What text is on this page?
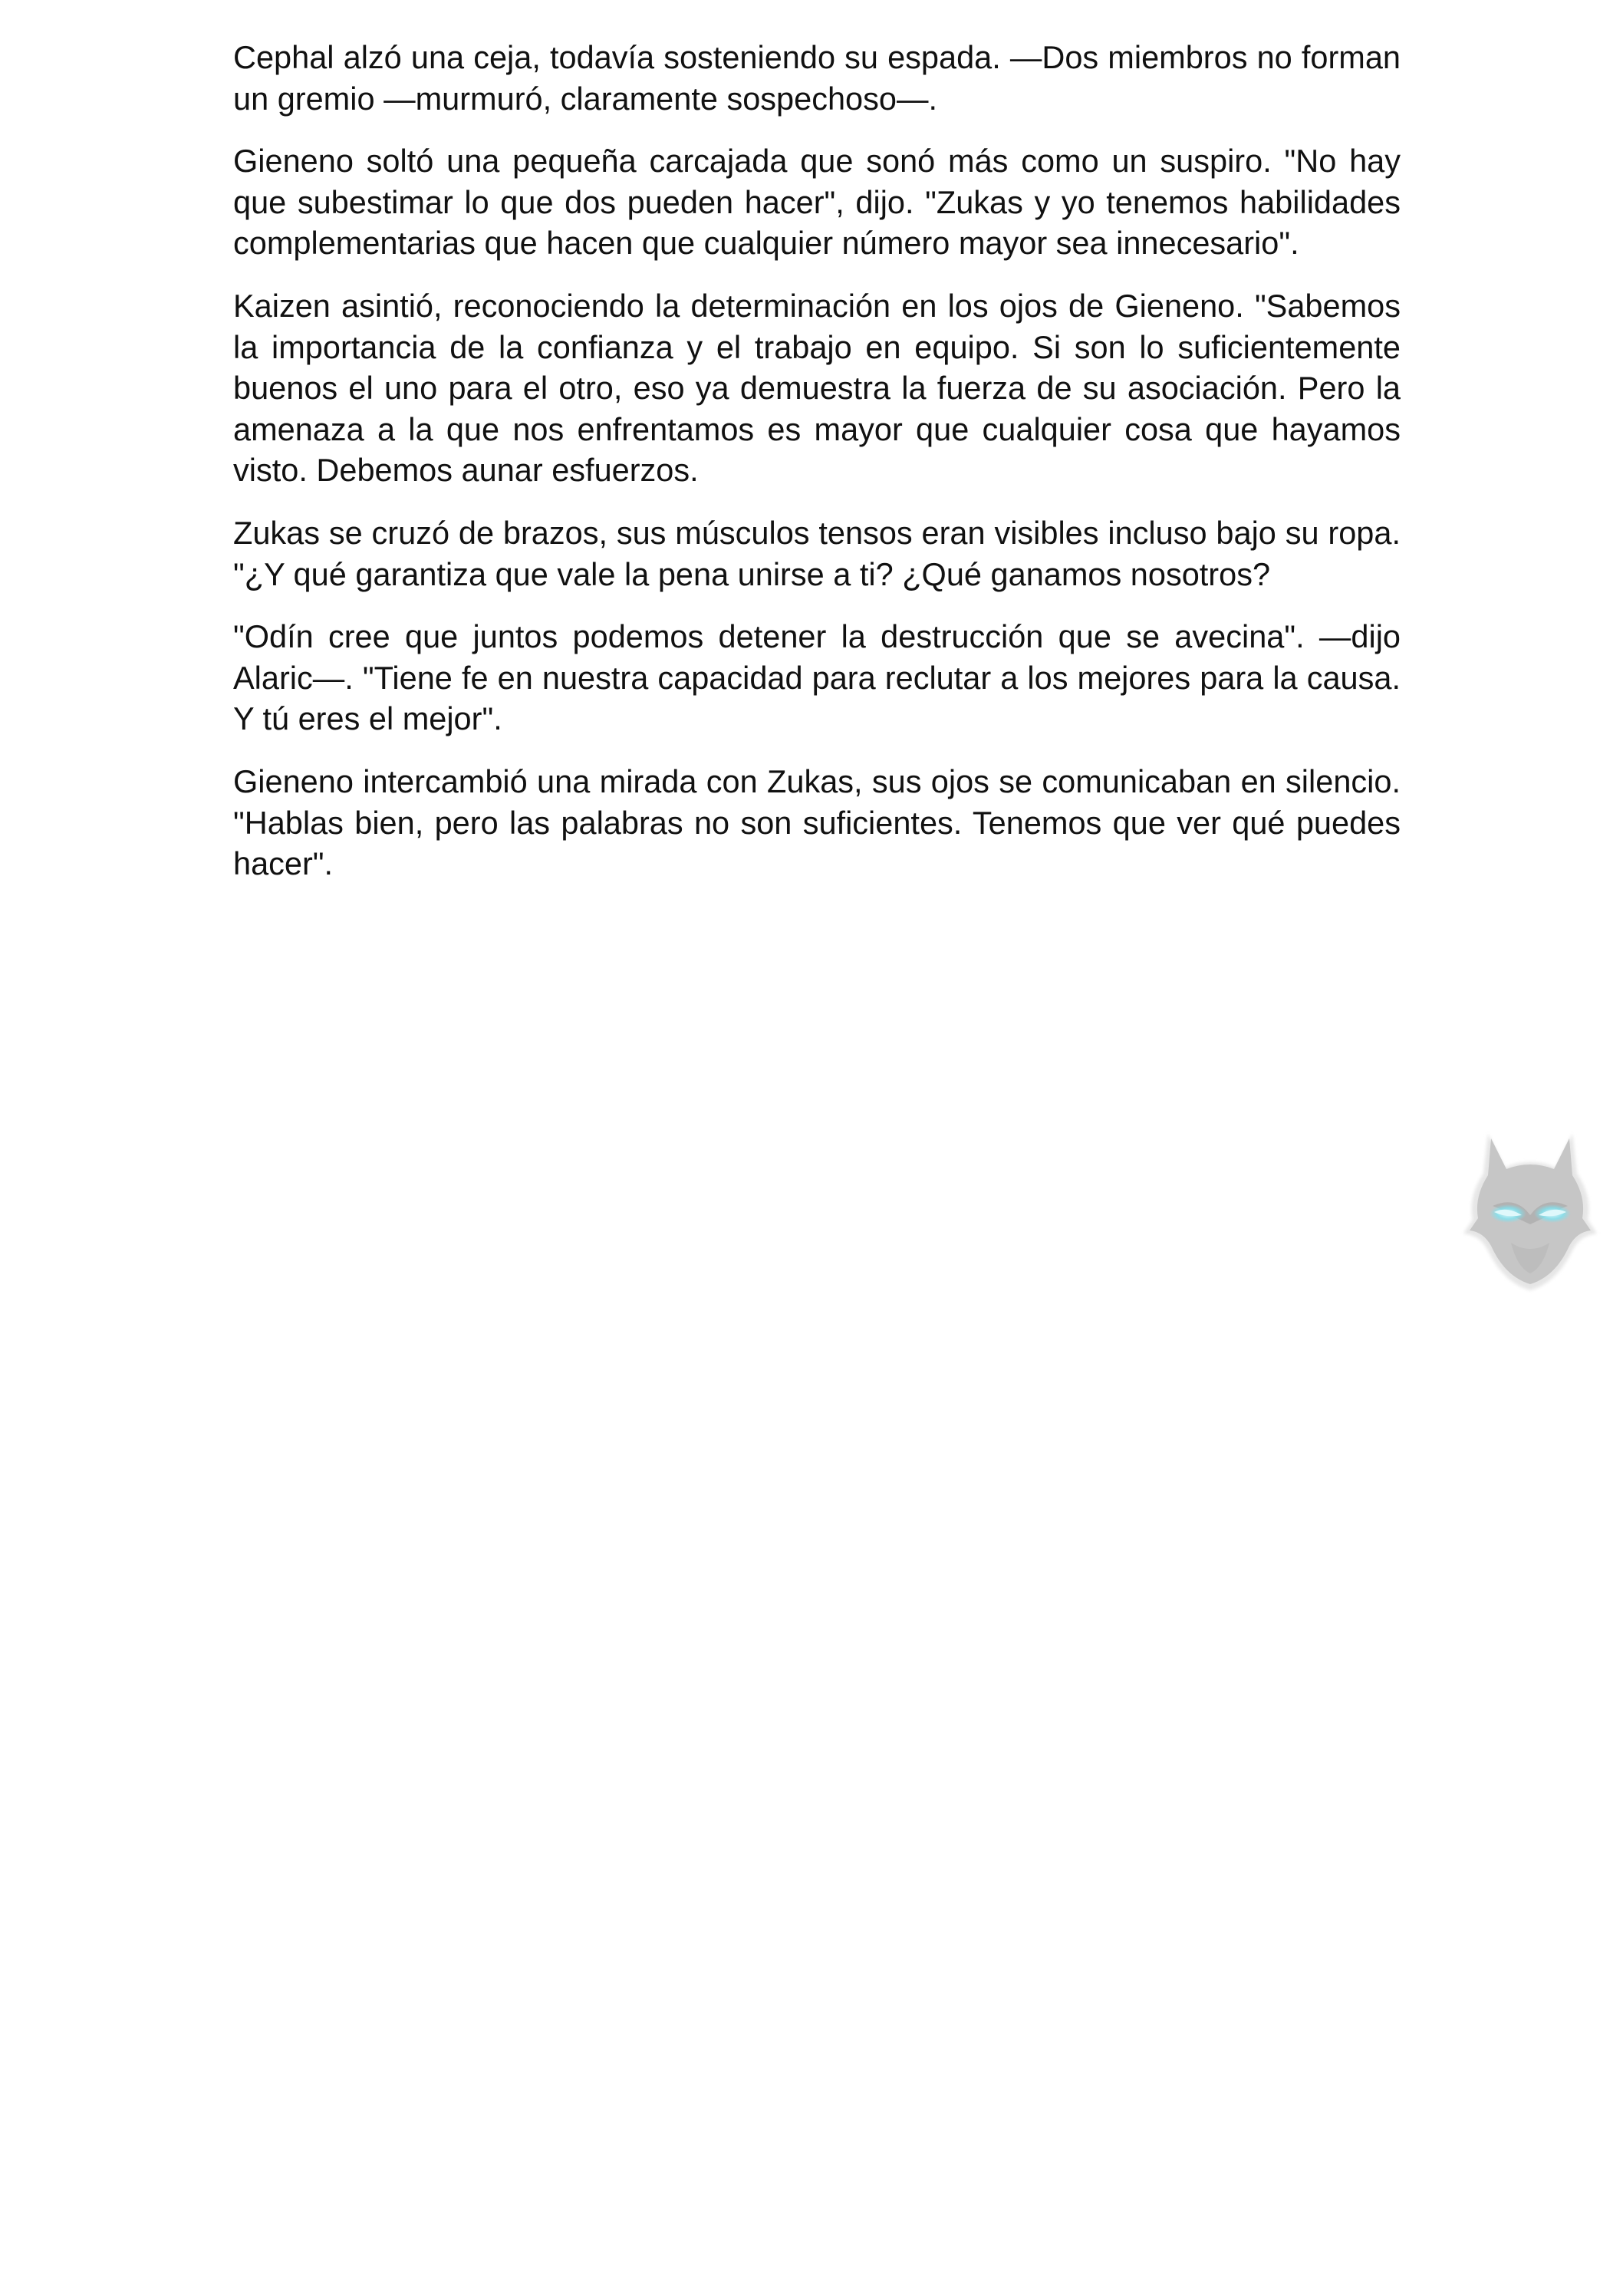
Cephal alzó una ceja, todavía sosteniendo su espada. —Dos miembros no forman un gremio —murmuró, claramente sospechoso—.

Gieneno soltó una pequeña carcajada que sonó más como un suspiro. "No hay que subestimar lo que dos pueden hacer", dijo. "Zukas y yo tenemos habilidades complementarias que hacen que cualquier número mayor sea innecesario".

Kaizen asintió, reconociendo la determinación en los ojos de Gieneno. "Sabemos la importancia de la confianza y el trabajo en equipo. Si son lo suficientemente buenos el uno para el otro, eso ya demuestra la fuerza de su asociación. Pero la amenaza a la que nos enfrentamos es mayor que cualquier cosa que hayamos visto. Debemos aunar esfuerzos.

Zukas se cruzó de brazos, sus músculos tensos eran visibles incluso bajo su ropa. "¿Y qué garantiza que vale la pena unirse a ti? ¿Qué ganamos nosotros?

"Odín cree que juntos podemos detener la destrucción que se avecina". —dijo Alaric—. "Tiene fe en nuestra capacidad para reclutar a los mejores para la causa. Y tú eres el mejor".

Gieneno intercambió una mirada con Zukas, sus ojos se comunicaban en silencio. "Hablas bien, pero las palabras no son suficientes. Tenemos que ver qué puedes hacer".
